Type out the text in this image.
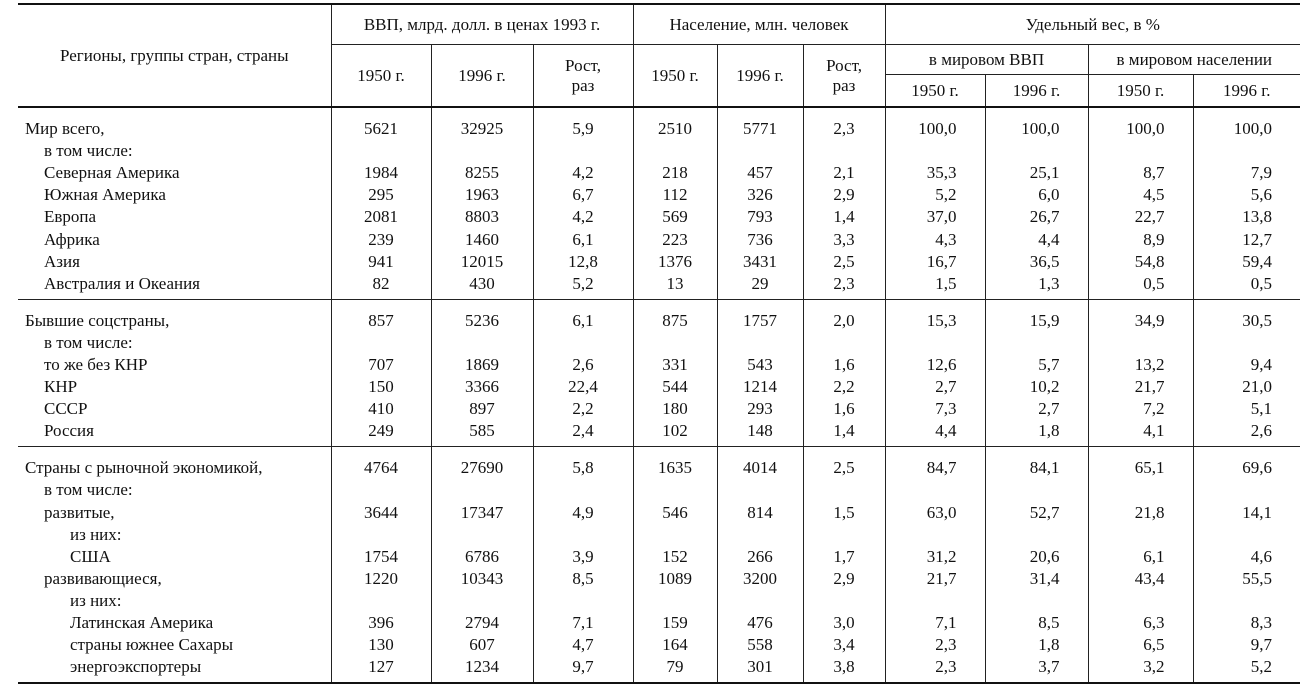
Регионы, группы стран, страны	ВВП, млрд. долл. в ценах 1993 г.			Население, млн. человек			Удельный вес, в %			
	1950 г.	1996 г.	Рост, раз	1950 г.	1996 г.	Рост, раз	в мировом ВВП		в мировом населении	
							1950 г.	1996 г.	1950 г.	1996 г.
Мир всего,	5621	32925	5,9	2510	5771	2,3	100,0	100,0	100,0	100,0
в том числе:										
Северная Америка	1984	8255	4,2	218	457	2,1	35,3	25,1	8,7	7,9
Южная Америка	295	1963	6,7	112	326	2,9	5,2	6,0	4,5	5,6
Европа	2081	8803	4,2	569	793	1,4	37,0	26,7	22,7	13,8
Африка	239	1460	6,1	223	736	3,3	4,3	4,4	8,9	12,7
Азия	941	12015	12,8	1376	3431	2,5	16,7	36,5	54,8	59,4
Австралия и Океания	82	430	5,2	13	29	2,3	1,5	1,3	0,5	0,5
Бывшие соцстраны,	857	5236	6,1	875	1757	2,0	15,3	15,9	34,9	30,5
в том числе:										
то же без КНР	707	1869	2,6	331	543	1,6	12,6	5,7	13,2	9,4
КНР	150	3366	22,4	544	1214	2,2	2,7	10,2	21,7	21,0
СССР	410	897	2,2	180	293	1,6	7,3	2,7	7,2	5,1
Россия	249	585	2,4	102	148	1,4	4,4	1,8	4,1	2,6
Страны с рыночной экономикой,	4764	27690	5,8	1635	4014	2,5	84,7	84,1	65,1	69,6
в том числе:										
развитые,	3644	17347	4,9	546	814	1,5	63,0	52,7	21,8	14,1
из них:										
США	1754	6786	3,9	152	266	1,7	31,2	20,6	6,1	4,6
развивающиеся,	1220	10343	8,5	1089	3200	2,9	21,7	31,4	43,4	55,5
из них:										
Латинская Америка	396	2794	7,1	159	476	3,0	7,1	8,5	6,3	8,3
страны южнее Сахары	130	607	4,7	164	558	3,4	2,3	1,8	6,5	9,7
энергоэкспортеры	127	1234	9,7	79	301	3,8	2,3	3,7	3,2	5,2
